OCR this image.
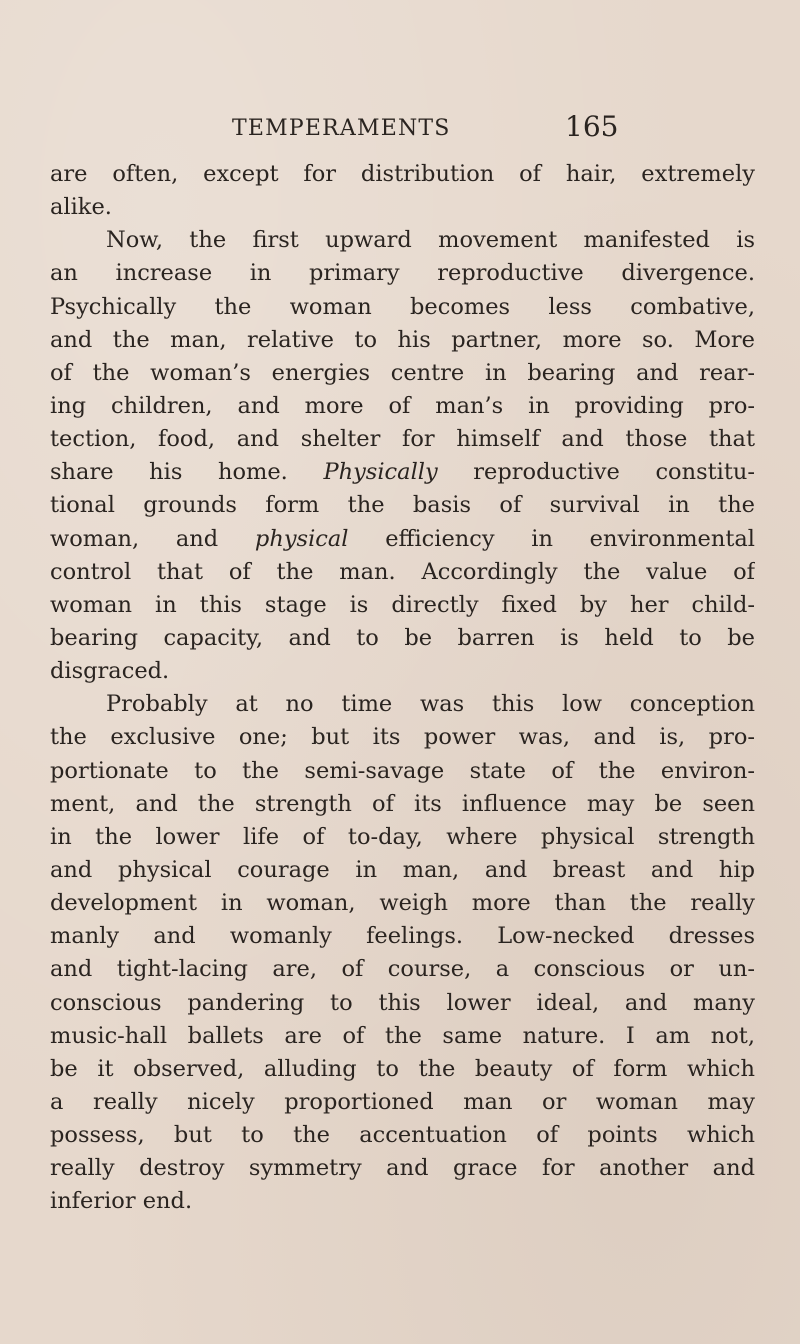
TEMPERAMENTS	165
are often, except for distribution of hair, extremely
alike.
Now, the first upward movement manifested is
an increase in primary reproductive divergence.
Psychically the woman becomes less combative,
and the man, relative to his partner, more so. More
of the woman’s energies centre in bearing and rear-
ing children, and more of man’s in providing pro-
tection, food, and shelter for himself and those that
share his home. Physically reproductive constitu-
tional grounds form the basis of survival in the
woman, and physical efficiency in environmental
control that of the man. Accordingly the value of
woman in this stage is directly fixed by her child-
bearing capacity, and to be barren is held to be
disgraced.
Probably at no time was this low conception
the exclusive one; but its power was, and is, pro-
portionate to the semi-savage state of the environ-
ment, and the strength of its influence may be seen
in the lower life of to-day, where physical strength
and physical courage in man, and breast and hip
development in woman, weigh more than the really
manly and womanly feelings. Low-necked dresses
and tight-lacing are, of course, a conscious or un-
conscious pandering to this lower ideal, and many
music-hall ballets are of the same nature. I am not,
be it observed, alluding to the beauty of form which
a really nicely proportioned man or woman may
possess, but to the accentuation of points which
really destroy symmetry and grace for another and
inferior end.
